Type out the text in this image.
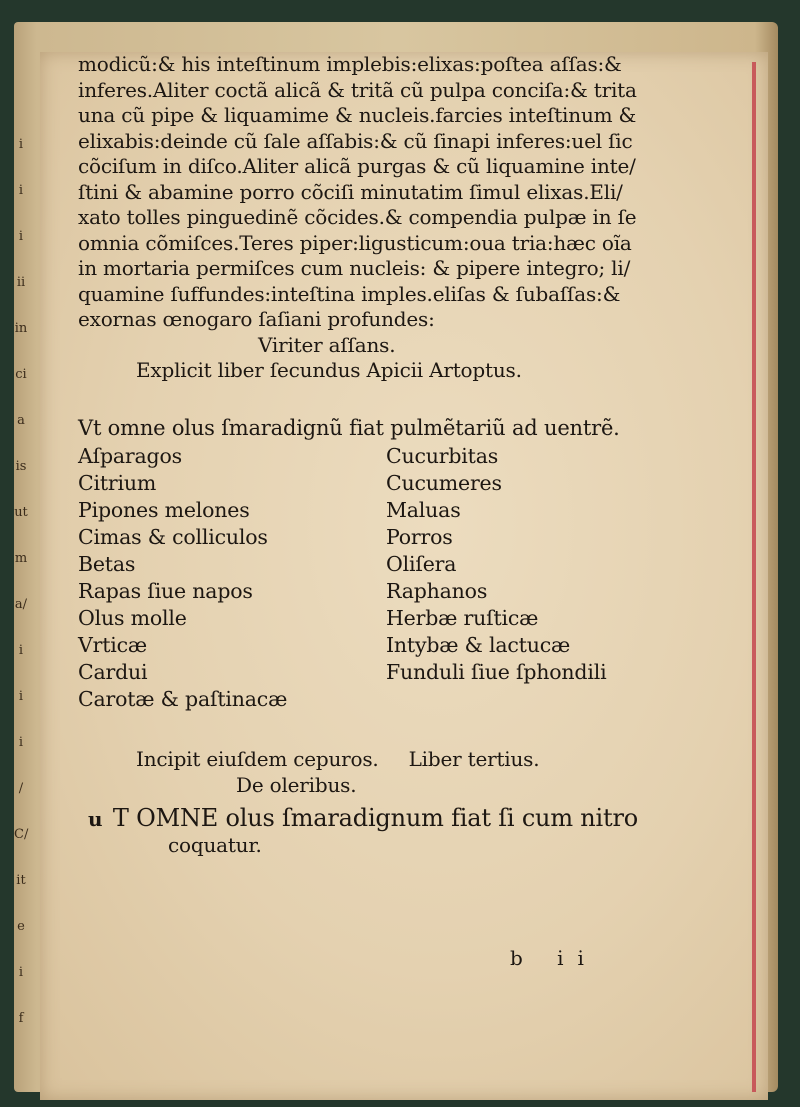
i
i
i
ii
in
ci
a
is
ut
m
a/
i
i
i
/
C/
it
e
i
f
modicũ:& his inteſtinum implebis:elixas:poſtea aſſas:&
inferes.Aliter coctã alicã & tritã cũ pulpa conciſa:& trita
una cũ pipe & liquamime & nucleis.farcies inteſtinum &
elixabis:deinde cũ ſale aſſabis:& cũ ſinapi inferes:uel ſic
cõciſum in diſco.Aliter alicã purgas & cũ liquamine inte/
ſtini & abamine porro cõciſi minutatim ſimul elixas.Eli/
xato tolles pinguedinẽ cõcides.& compendia pulpæ in ſe
omnia cõmiſces.Teres piper:ligusticum:oua tria:hæc oĩa
in mortaria permiſces cum nucleis: & pipere integro; li/
quamine ſuffundes:inteſtina imples.eliſas & ſubaſſas:&
exornas œnogaro ſaſiani profundes:
Viriter aſſans.
Explicit liber ſecundus Apicii Artoptus.
Vt omne olus ſmaradignũ fiat pulmẽtariũ ad uentrẽ.
Aſparagos
Citrium
Pipones melones
Cimas & colliculos
Betas
Rapas ſiue napos
Olus molle
Vrticæ
Cardui
Carotæ & paſtinacæ
Cucurbitas
Cucumeres
Maluas
Porros
Oliſera
Raphanos
Herbæ ruſticæ
Intybæ & lactucæ
Funduli ſiue ſphondili
Incipit eiuſdem cepuros. Liber tertius.
De oleribus.
u T OMNE olus ſmaradignum fiat ſi cum nitro
coquatur.
b ii
